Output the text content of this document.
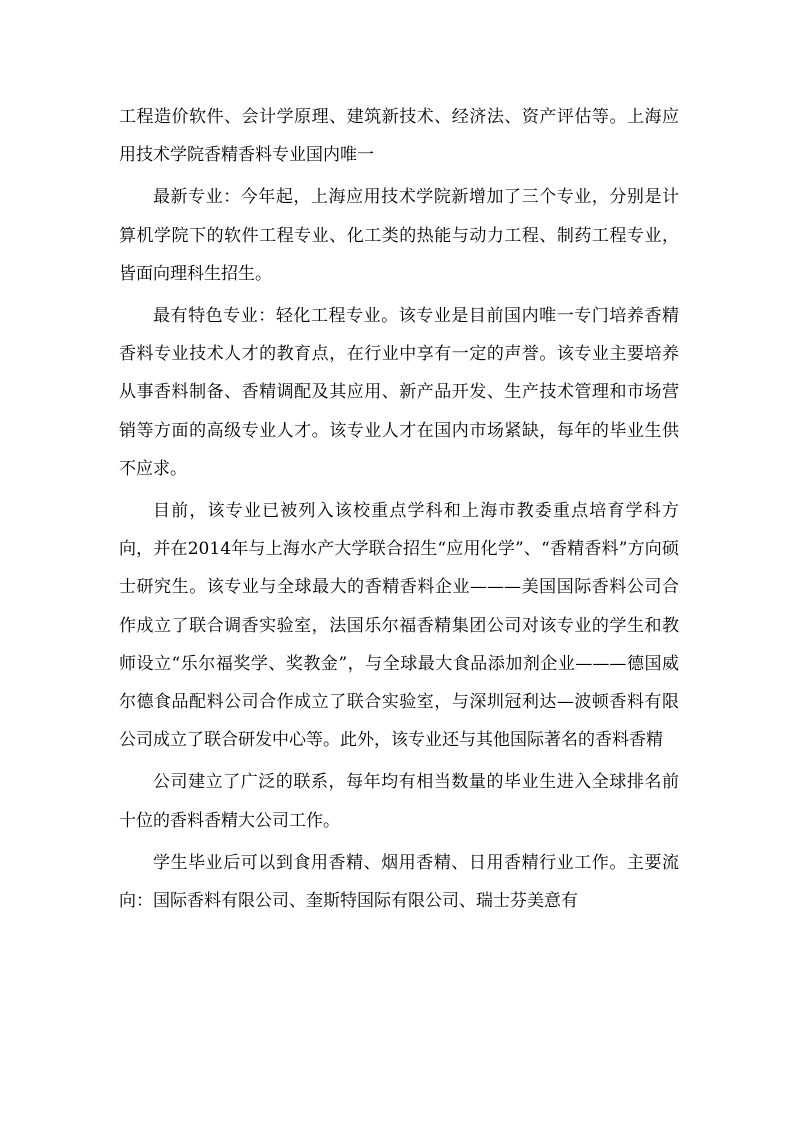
工程造价软件、会计学原理、建筑新技术、经济法、资产评估等。上海应用技术学院香精香料专业国内唯一

最新专业：今年起，上海应用技术学院新增加了三个专业，分别是计算机学院下的软件工程专业、化工类的热能与动力工程、制药工程专业，皆面向理科生招生。

最有特色专业：轻化工程专业。该专业是目前国内唯一专门培养香精香料专业技术人才的教育点，在行业中享有一定的声誉。该专业主要培养从事香料制备、香精调配及其应用、新产品开发、生产技术管理和市场营销等方面的高级专业人才。该专业人才在国内市场紧缺，每年的毕业生供不应求。

目前，该专业已被列入该校重点学科和上海市教委重点培育学科方向，并在2014年与上海水产大学联合招生“应用化学”、“香精香料”方向硕士研究生。该专业与全球最大的香精香料企业———美国国际香料公司合作成立了联合调香实验室，法国乐尔福香精集团公司对该专业的学生和教师设立“乐尔福奖学、奖教金”，与全球最大食品添加剂企业———德国威尔德食品配料公司合作成立了联合实验室，与深圳冠利达—波顿香料有限公司成立了联合研发中心等。此外，该专业还与其他国际著名的香料香精

公司建立了广泛的联系，每年均有相当数量的毕业生进入全球排名前十位的香料香精大公司工作。

学生毕业后可以到食用香精、烟用香精、日用香精行业工作。主要流向：国际香料有限公司、奎斯特国际有限公司、瑞士芬美意有
